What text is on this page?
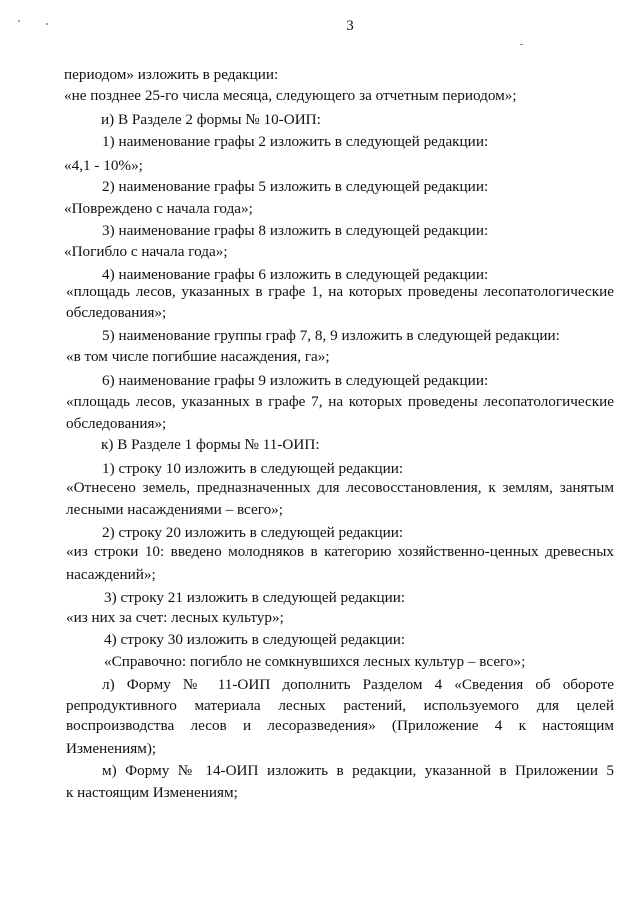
3
периодом» изложить в редакции:
«не позднее 25-го числа месяца, следующего за отчетным периодом»;
и) В Разделе 2 формы № 10-ОИП:
1) наименование графы 2 изложить в следующей редакции:
«4,1 - 10%»;
2) наименование графы 5 изложить в следующей редакции:
«Повреждено с начала года»;
3) наименование графы 8 изложить в следующей редакции:
«Погибло с начала года»;
4) наименование графы 6 изложить в следующей редакции:
«площадь лесов, указанных в графе 1, на которых проведены лесопатологические
обследования»;
5) наименование группы граф 7, 8, 9 изложить в следующей редакции:
«в том числе погибшие насаждения, га»;
6) наименование графы 9 изложить в следующей редакции:
«площадь лесов, указанных в графе 7, на которых проведены лесопатологические
обследования»;
к) В Разделе 1 формы № 11-ОИП:
1) строку 10 изложить в следующей редакции:
«Отнесено земель, предназначенных для лесовосстановления, к землям, занятым
лесными насаждениями – всего»;
2) строку 20 изложить в следующей редакции:
«из строки 10: введено молодняков в категорию хозяйственно-ценных древесных
насаждений»;
3) строку 21 изложить в следующей редакции:
«из них за счет: лесных культур»;
4) строку 30 изложить в следующей редакции:
«Справочно: погибло не сомкнувшихся лесных культур – всего»;
л) Форму № 11-ОИП дополнить Разделом 4 «Сведения об обороте
репродуктивного материала лесных растений, используемого для целей
воспроизводства лесов и лесоразведения» (Приложение 4 к настоящим
Изменениям);
м) Форму № 14-ОИП изложить в редакции, указанной в Приложении 5
к настоящим Изменениям;
